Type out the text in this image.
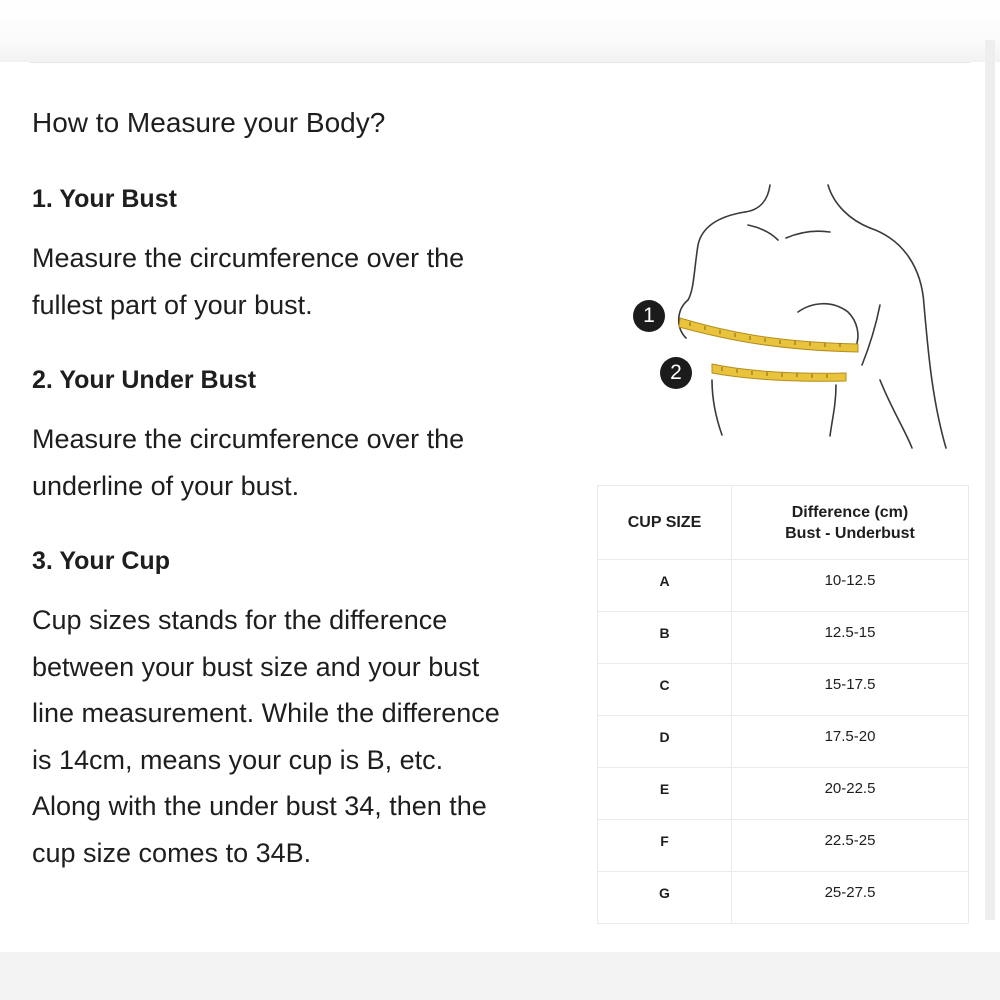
How to Measure your Body?

1. Your Bust

Measure the circumference over the

fullest part of your bust.

2. Your Under Bust

Measure the circumference over the

underline of your bust.

3. Your Cup

Cup sizes stands for the difference

between your bust size and your bust

line measurement. While the difference

is 14cm, means your cup is B, etc.

Along with the under bust 34, then the

cup size comes to 34B.

1
2
CUP SIZE	Difference (cm)
Bust - Underbust

A	10-12.5

B	12.5-15

C	15-17.5

D	17.5-20

E	20-22.5

F	22.5-25

G	25-27.5
